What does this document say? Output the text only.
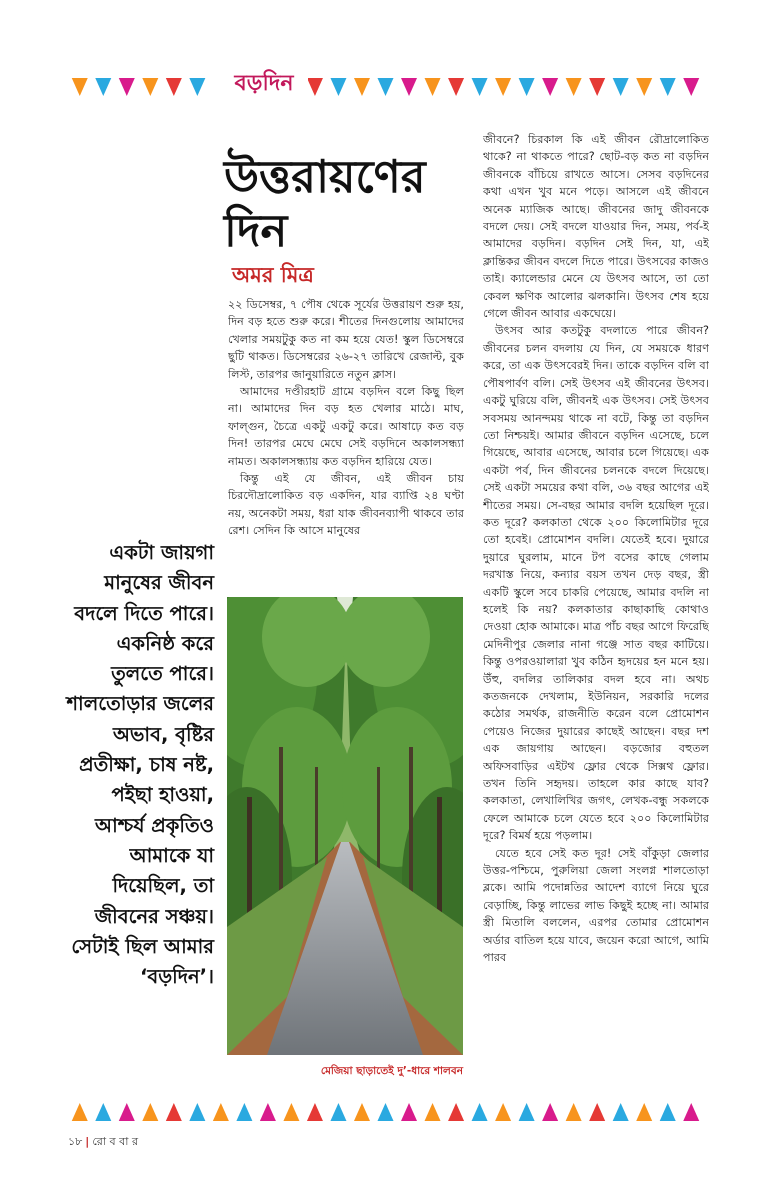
বড়দিন
উত্তরায়ণের
দিন
অমর মিত্র

২২ ডিসেম্বর, ৭ পৌষ থেকে সূর্যের উত্তরায়ণ শুরু হয়, দিন বড় হতে শুরু করে। শীতের দিনগুলোয় আমাদের খেলার সময়টুকু কত না কম হয়ে যেত! স্কুল ডিসেম্বরে ছুটি থাকত। ডিসেম্বরের ২৬-২৭ তারিখে রেজাল্ট, বুক লিস্ট, তারপর জানুয়ারিতে নতুন ক্লাস।

আমাদের দণ্ডীরহাট গ্রামে বড়দিন বলে কিছু ছিল না। আমাদের দিন বড় হত খেলার মাঠে। মাঘ, ফাল্গুন, চৈত্রে একটু একটু করে। আষাঢ়ে কত বড় দিন! তারপর মেঘে মেঘে সেই বড়দিনে অকালসন্ধ্যা নামত। অকালসন্ধ্যায় কত বড়দিন হারিয়ে যেত।

কিন্তু এই যে জীবন, এই জীবন চায় চিরদৌদ্রালোকিত বড় একদিন, যার ব্যাপ্তি ২৪ ঘণ্টা নয়, অনেকটা সময়, ধরা যাক জীবনব্যাপী থাকবে তার রেশ। সেদিন কি আসে মানুষের

জীবনে? চিরকাল কি এই জীবন রৌদ্রালোকিত থাকে? না থাকতে পারে? ছোট-বড় কত না বড়দিন জীবনকে বাঁচিয়ে রাখতে আসে। সেসব বড়দিনের কথা এখন খুব মনে পড়ে। আসলে এই জীবনে অনেক ম্যাজিক আছে। জীবনের জাদু জীবনকে বদলে দেয়। সেই বদলে যাওয়ার দিন, সময়, পর্ব-ই আমাদের বড়দিন। বড়দিন সেই দিন, যা, এই ক্লান্তিকর জীবন বদলে দিতে পারে। উৎসবের কাজও তাই। ক্যালেন্ডার মেনে যে উৎসব আসে, তা তো কেবল ক্ষণিক আলোর ঝলকানি। উৎসব শেষ হয়ে গেলে জীবন আবার একঘেয়ে।

উৎসব আর কতটুকু বদলাতে পারে জীবন? জীবনের চলন বদলায় যে দিন, যে সময়কে ধারণ করে, তা এক উৎসবেরই দিন। তাকে বড়দিন বলি বা পৌষপার্বণ বলি। সেই উৎসব এই জীবনের উৎসব। একটু ঘুরিয়ে বলি, জীবনই এক উৎসব। সেই উৎসব সবসময় আনন্দময় থাকে না বটে, কিন্তু তা বড়দিন তো নিশ্চয়ই। আমার জীবনে বড়দিন এসেছে, চলে গিয়েছে, আবার এসেছে, আবার চলে গিয়েছে। এক একটা পর্ব, দিন জীবনের চলনকে বদলে দিয়েছে। সেই একটা সময়ের কথা বলি, ৩৬ বছর আগের এই শীতের সময়। সে-বছর আমার বদলি হয়েছিল দূরে। কত দূরে? কলকাতা থেকে ২০০ কিলোমিটার দূরে তো হবেই। প্রোমোশন বদলি। যেতেই হবে। দুয়ারে দুয়ারে ঘুরলাম, মানে টপ বসের কাছে গেলাম দরখাস্ত নিয়ে, কন্যার বয়স তখন দেড় বছর, স্ত্রী একটি স্কুলে সবে চাকরি পেয়েছে, আমার বদলি না হলেই কি নয়? কলকাতার কাছাকাছি কোথাও দেওয়া হোক আমাকে। মাত্র পাঁচ বছর আগে ফিরেছি মেদিনীপুর জেলার নানা গঞ্জে সাত বছর কাটিয়ে। কিন্তু ওপরওয়ালারা খুব কঠিন হৃদয়ের হন মনে হয়। উঁহু, বদলির তালিকার বদল হবে না। অথচ কতজনকে দেখলাম, ইউনিয়ন, সরকারি দলের কঠোর সমর্থক, রাজনীতি করেন বলে প্রোমোশন পেয়েও নিজের দুয়ারের কাছেই আছেন। বছর দশ এক জায়গায় আছেন। বড়জোর বহুতল অফিসবাড়ির এইটথ ফ্লোর থেকে সিক্সথ ফ্লোর। তখন তিনি সহৃদয়। তাহলে কার কাছে যাব? কলকাতা, লেখালিখির জগৎ, লেখক-বন্ধু সকলকে ফেলে আমাকে চলে যেতে হবে ২০০ কিলোমিটার দূরে? বিমর্ষ হয়ে পড়লাম।

যেতে হবে সেই কত দূর! সেই বাঁকুড়া জেলার উত্তর-পশ্চিমে, পুরুলিয়া জেলা সংলগ্ন শালতোড়া ব্লকে। আমি পদোন্নতির আদেশ ব্যাগে নিয়ে ঘুরে বেড়াচ্ছি, কিন্তু লাভের লাভ কিছুই হচ্ছে না। আমার স্ত্রী মিতালি বললেন, এরপর তোমার প্রোমোশন অর্ডার বাতিল হয়ে যাবে, জয়েন করো আগে, আমি পারব

একটা জায়গা মানুষের জীবন বদলে দিতে পারে। একনিষ্ঠ করে তুলতে পারে। শালতোড়ার জলের অভাব, বৃষ্টির প্রতীক্ষা, চাষ নষ্ট, পইছা হাওয়া, আশ্চর্য প্রকৃতিও আমাকে যা দিয়েছিল, তা জীবনের সঞ্চয়। সেটাই ছিল আমার ‘বড়দিন’।
মেজিয়া ছাড়াতেই দু’-ধারে শালবন
১৮ | রো ব বা র
